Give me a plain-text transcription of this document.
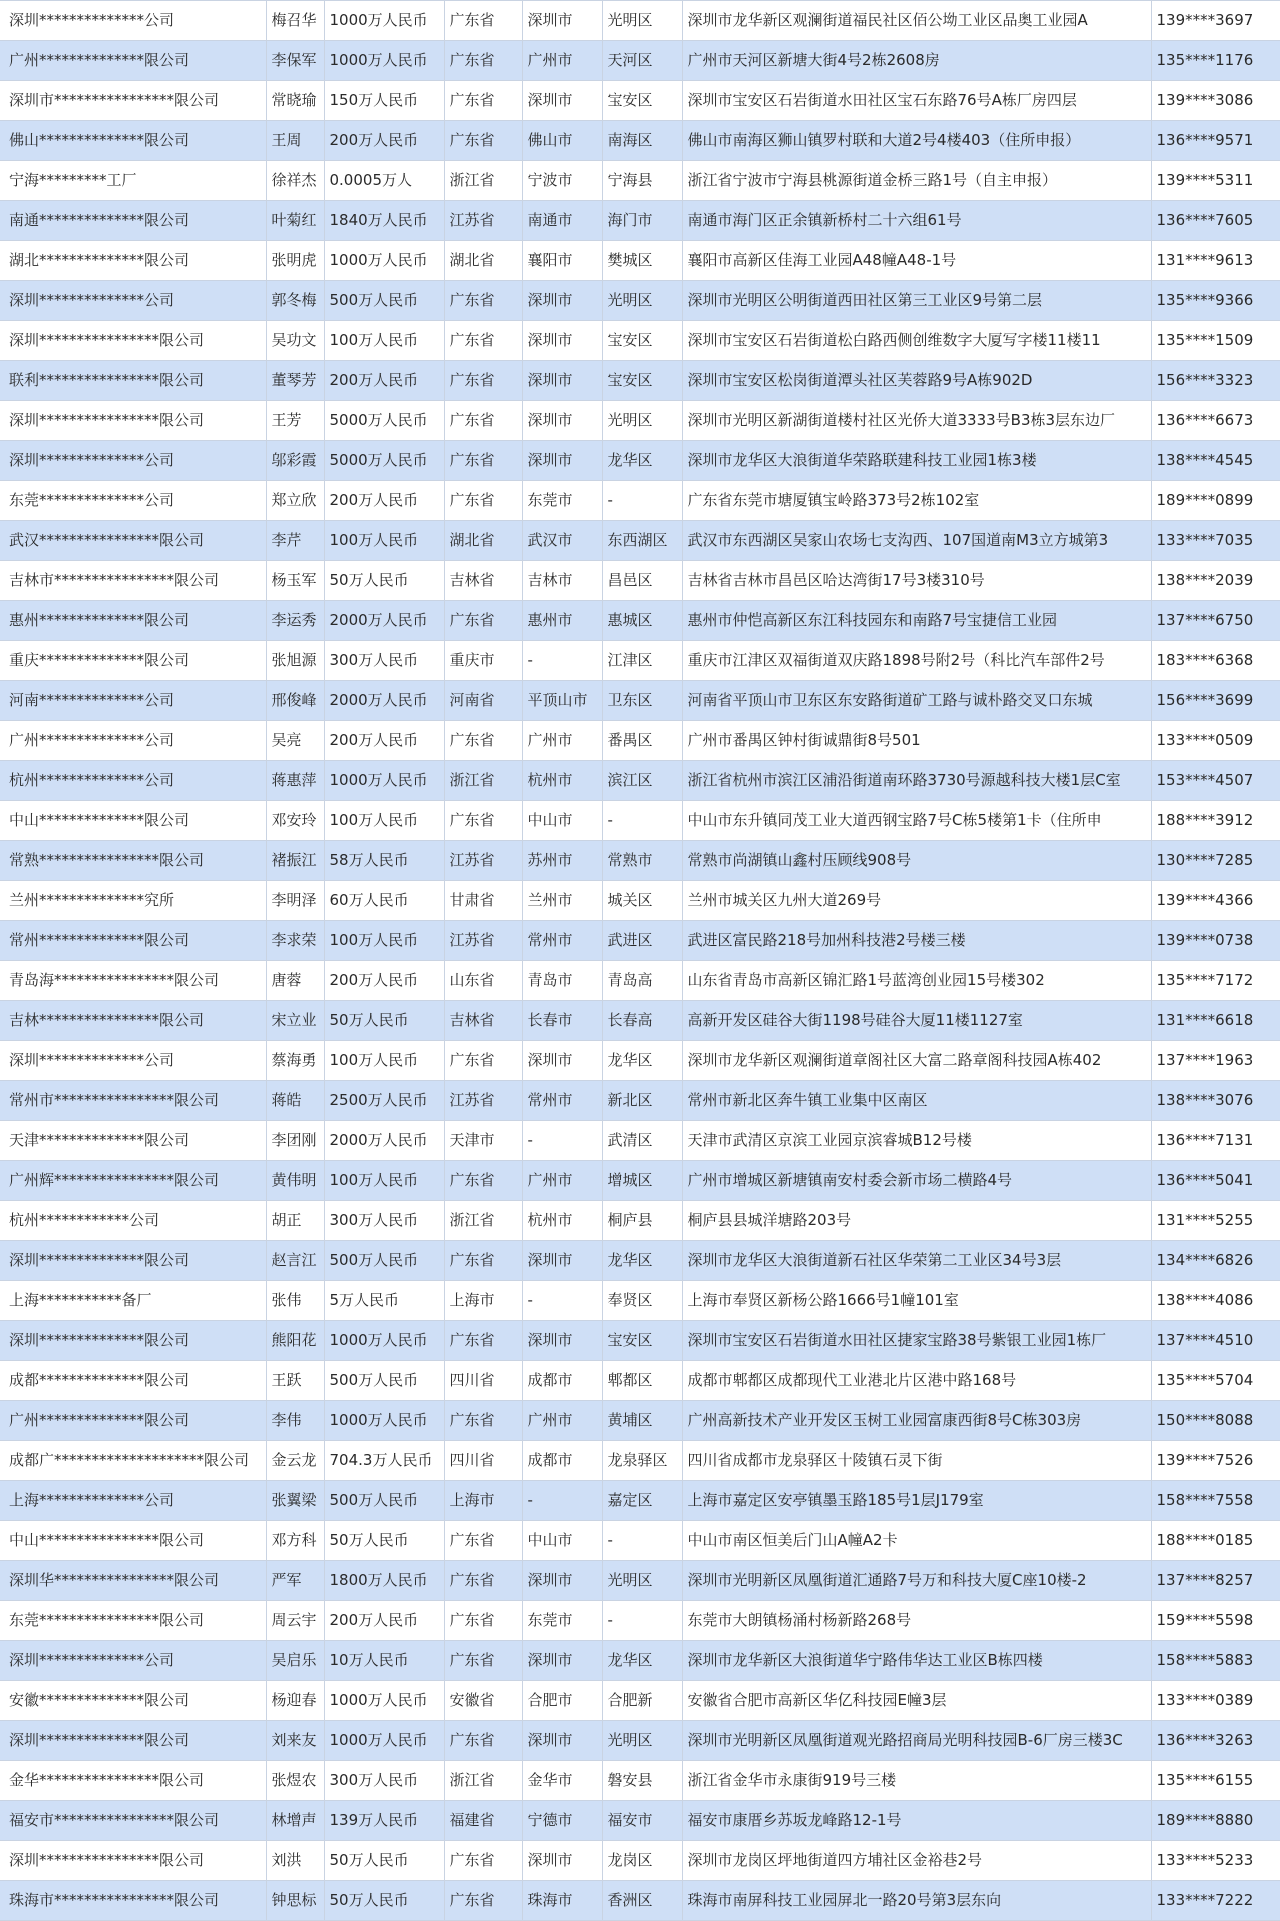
深圳**************公司	梅召华	1000万人民币	广东省	深圳市	光明区	深圳市龙华新区观澜街道福民社区佰公坳工业区品奥工业园A	139****3697
广州**************限公司	李保军	1000万人民币	广东省	广州市	天河区	广州市天河区新塘大街4号2栋2608房	135****1176
深圳市****************限公司	常晓瑜	150万人民币	广东省	深圳市	宝安区	深圳市宝安区石岩街道水田社区宝石东路76号A栋厂房四层	139****3086
佛山**************限公司	王周	200万人民币	广东省	佛山市	南海区	佛山市南海区狮山镇罗村联和大道2号4楼403（住所申报）	136****9571
宁海*********工厂	徐祥杰	0.0005万人	浙江省	宁波市	宁海县	浙江省宁波市宁海县桃源街道金桥三路1号（自主申报）	139****5311
南通**************限公司	叶菊红	1840万人民币	江苏省	南通市	海门市	南通市海门区正余镇新桥村二十六组61号	136****7605
湖北**************限公司	张明虎	1000万人民币	湖北省	襄阳市	樊城区	襄阳市高新区佳海工业园A48幢A48-1号	131****9613
深圳**************公司	郭冬梅	500万人民币	广东省	深圳市	光明区	深圳市光明区公明街道西田社区第三工业区9号第二层	135****9366
深圳****************限公司	吴功文	100万人民币	广东省	深圳市	宝安区	深圳市宝安区石岩街道松白路西侧创维数字大厦写字楼11楼11	135****1509
联利****************限公司	董琴芳	200万人民币	广东省	深圳市	宝安区	深圳市宝安区松岗街道潭头社区芙蓉路9号A栋902D	156****3323
深圳****************限公司	王芳	5000万人民币	广东省	深圳市	光明区	深圳市光明区新湖街道楼村社区光侨大道3333号B3栋3层东边厂	136****6673
深圳**************公司	邬彩霞	5000万人民币	广东省	深圳市	龙华区	深圳市龙华区大浪街道华荣路联建科技工业园1栋3楼	138****4545
东莞**************公司	郑立欣	200万人民币	广东省	东莞市	-	广东省东莞市塘厦镇宝岭路373号2栋102室	189****0899
武汉****************限公司	李芹	100万人民币	湖北省	武汉市	东西湖区	武汉市东西湖区吴家山农场七支沟西、107国道南M3立方城第3	133****7035
吉林市****************限公司	杨玉军	50万人民币	吉林省	吉林市	昌邑区	吉林省吉林市昌邑区哈达湾街17号3楼310号	138****2039
惠州**************限公司	李运秀	2000万人民币	广东省	惠州市	惠城区	惠州市仲恺高新区东江科技园东和南路7号宝捷信工业园	137****6750
重庆**************限公司	张旭源	300万人民币	重庆市	-	江津区	重庆市江津区双福街道双庆路1898号附2号（科比汽车部件2号	183****6368
河南**************公司	邢俊峰	2000万人民币	河南省	平顶山市	卫东区	河南省平顶山市卫东区东安路街道矿工路与诚朴路交叉口东城	156****3699
广州**************公司	吴亮	200万人民币	广东省	广州市	番禺区	广州市番禺区钟村街诚鼎街8号501	133****0509
杭州**************公司	蒋惠萍	1000万人民币	浙江省	杭州市	滨江区	浙江省杭州市滨江区浦沿街道南环路3730号源越科技大楼1层C室	153****4507
中山**************限公司	邓安玲	100万人民币	广东省	中山市	-	中山市东升镇同茂工业大道西钢宝路7号C栋5楼第1卡（住所申	188****3912
常熟****************限公司	褚振江	58万人民币	江苏省	苏州市	常熟市	常熟市尚湖镇山鑫村压顾线908号	130****7285
兰州**************究所	李明泽	60万人民币	甘肃省	兰州市	城关区	兰州市城关区九州大道269号	139****4366
常州**************限公司	李求荣	100万人民币	江苏省	常州市	武进区	武进区富民路218号加州科技港2号楼三楼	139****0738
青岛海****************限公司	唐蓉	200万人民币	山东省	青岛市	青岛高	山东省青岛市高新区锦汇路1号蓝湾创业园15号楼302	135****7172
吉林****************限公司	宋立业	50万人民币	吉林省	长春市	长春高	高新开发区硅谷大街1198号硅谷大厦11楼1127室	131****6618
深圳**************公司	蔡海勇	100万人民币	广东省	深圳市	龙华区	深圳市龙华新区观澜街道章阁社区大富二路章阁科技园A栋402	137****1963
常州市****************限公司	蒋皓	2500万人民币	江苏省	常州市	新北区	常州市新北区奔牛镇工业集中区南区	138****3076
天津**************限公司	李团刚	2000万人民币	天津市	-	武清区	天津市武清区京滨工业园京滨睿城B12号楼	136****7131
广州辉****************限公司	黄伟明	100万人民币	广东省	广州市	增城区	广州市增城区新塘镇南安村委会新市场二横路4号	136****5041
杭州************公司	胡正	300万人民币	浙江省	杭州市	桐庐县	桐庐县县城洋塘路203号	131****5255
深圳**************限公司	赵言江	500万人民币	广东省	深圳市	龙华区	深圳市龙华区大浪街道新石社区华荣第二工业区34号3层	134****6826
上海***********备厂	张伟	5万人民币	上海市	-	奉贤区	上海市奉贤区新杨公路1666号1幢101室	138****4086
深圳**************限公司	熊阳花	1000万人民币	广东省	深圳市	宝安区	深圳市宝安区石岩街道水田社区捷家宝路38号紫银工业园1栋厂	137****4510
成都**************限公司	王跃	500万人民币	四川省	成都市	郫都区	成都市郫都区成都现代工业港北片区港中路168号	135****5704
广州**************限公司	李伟	1000万人民币	广东省	广州市	黄埔区	广州高新技术产业开发区玉树工业园富康西街8号C栋303房	150****8088
成都广********************限公司	金云龙	704.3万人民币	四川省	成都市	龙泉驿区	四川省成都市龙泉驿区十陵镇石灵下街	139****7526
上海**************公司	张翼梁	500万人民币	上海市	-	嘉定区	上海市嘉定区安亭镇墨玉路185号1层J179室	158****7558
中山****************限公司	邓方科	50万人民币	广东省	中山市	-	中山市南区恒美后门山A幢A2卡	188****0185
深圳华****************限公司	严军	1800万人民币	广东省	深圳市	光明区	深圳市光明新区凤凰街道汇通路7号万和科技大厦C座10楼-2	137****8257
东莞****************限公司	周云宇	200万人民币	广东省	东莞市	-	东莞市大朗镇杨涌村杨新路268号	159****5598
深圳**************公司	吴启乐	10万人民币	广东省	深圳市	龙华区	深圳市龙华新区大浪街道华宁路伟华达工业区B栋四楼	158****5883
安徽**************限公司	杨迎春	1000万人民币	安徽省	合肥市	合肥新	安徽省合肥市高新区华亿科技园E幢3层	133****0389
深圳**************限公司	刘来友	1000万人民币	广东省	深圳市	光明区	深圳市光明新区凤凰街道观光路招商局光明科技园B-6厂房三楼3C	136****3263
金华****************限公司	张煜农	300万人民币	浙江省	金华市	磐安县	浙江省金华市永康街919号三楼	135****6155
福安市****************限公司	林增声	139万人民币	福建省	宁德市	福安市	福安市康厝乡苏坂龙峰路12-1号	189****8880
深圳****************限公司	刘洪	50万人民币	广东省	深圳市	龙岗区	深圳市龙岗区坪地街道四方埔社区金裕巷2号	133****5233
珠海市****************限公司	钟思标	50万人民币	广东省	珠海市	香洲区	珠海市南屏科技工业园屏北一路20号第3层东向	133****7222
